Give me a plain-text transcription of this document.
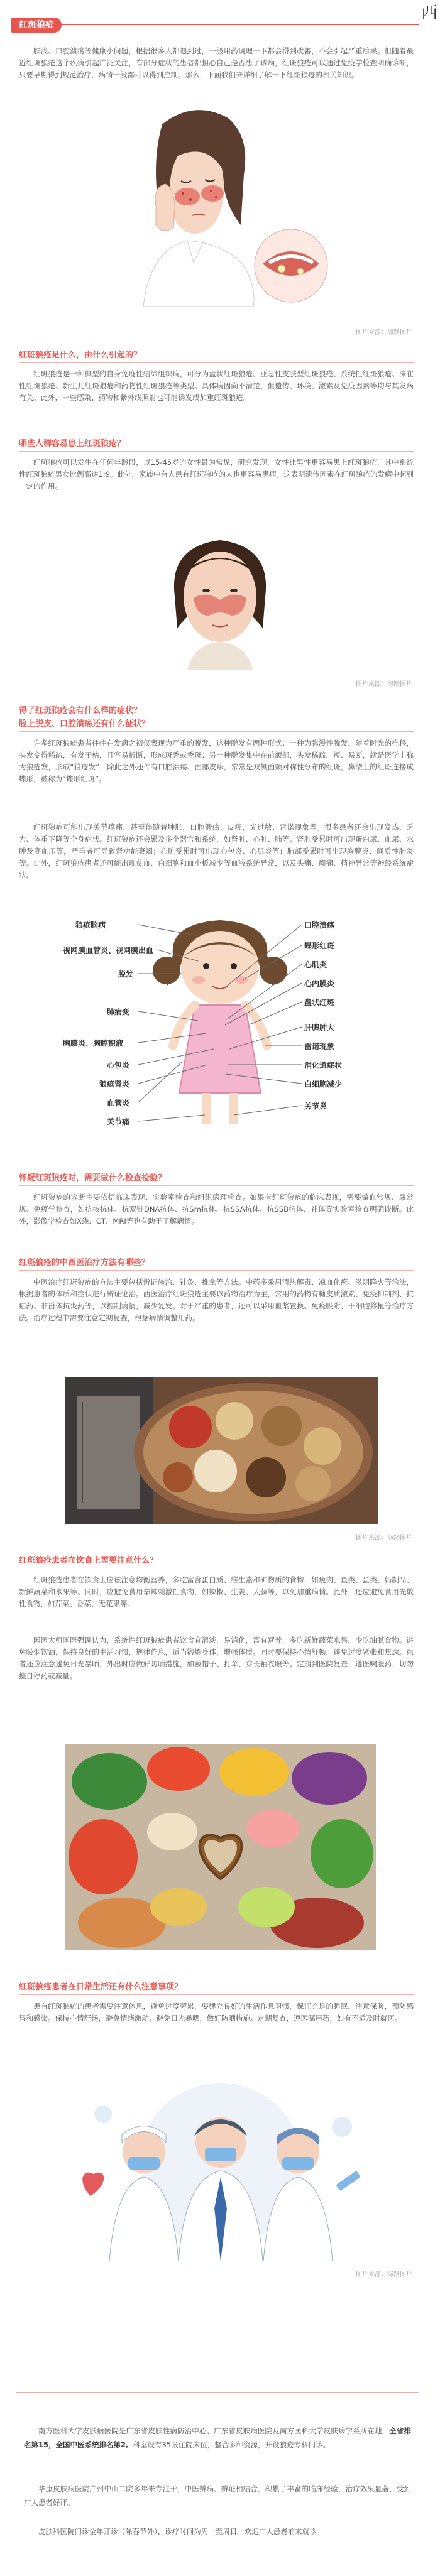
红斑狼疮
西
肤浅、口腔溃疡等健康小问题，根据很多人都遇到过，一般用药调理一下都会得到改善，不会引起严重后果。但随着最近红斑狼疮这个疾病引起广泛关注，有部分症状的患者都担心自己是否患了该病，红斑狼疮可以通过免疫学检查明确诊断，只要早期得到规范治疗，病情一般都可以得到控制。那么，下面我们来详细了解一下红斑狼疮的相关知识。
图片来源：海路图片
红斑狼疮是什么，由什么引起的？
红斑狼疮是一种典型的自身免疫性结缔组织病，可分为盘状红斑狼疮、亚急性皮肤型红斑狼疮、系统性红斑狼疮、深在性红斑狼疮、新生儿红斑狼疮和药物性红斑狼疮等类型。具体病因尚不清楚，但遗传、环境、激素及免疫因素等均与其发病有关。此外，一些感染、药物和紫外线照射也可能诱发或加重红斑狼疮。
哪些人群容易患上红斑狼疮？
红斑狼疮可以发生在任何年龄段，以15-45岁的女性最为常见，研究发现，女性比男性更容易患上红斑狼疮，其中系统性红斑狼疮男女比例高达1:9。此外，家族中有人患有红斑狼疮的人也更容易患病。这表明遗传因素在红斑狼疮的发病中起到一定的作用。
图片来源：海路图片
得了红斑狼疮会有什么样的症状？
脸上脱皮、口腔溃疡还有什么征状？
许多红斑狼疮患者往往在发病之初仅表现为严重的脱发，这种脱发有两种形式：一种为弥漫性脱发，随着时光的推移，头发变得稀疏，有发干枯，且容易折断，形成斑秃或秃斑；另一种脱发集中在前额部，头发稀疏，短、易断，就是医学上称为狼疮发，形成“狼疮发”，除此之外还伴有口腔溃疡、面部皮疹，常常是双侧面颊对称性分布的红斑，鼻梁上的红斑连接成蝶形，被称为“蝶形红斑”。
红斑狼疮可能出现关节疼痛，甚至伴随着肿胀，口腔溃疡、皮疹，光过敏、雷诺现象等。很多患者还会出现发热、乏力、体重下降等全身症状。红斑狼疮还会累及多个器官和系统，如肾脏、心脏、肺等。肾脏受累时可出现蛋白尿、血尿、水肿及高血压等，严重者可导致肾功能衰竭；心脏受累时可出现心包炎、心肌炎等；肺部受累时可出现胸膜炎、间质性肺炎等。此外，红斑狼疮患者还可能出现贫血、白细胞和血小板减少等血液系统异常，以及头痛、癫痫、精神异常等神经系统症状。
狼疮脑病
视网膜血管炎、视网膜出血
脱发
肺病变
胸膜炎、胸腔积液
心包炎
狼疮肾炎
血管炎
关节痛
口腔溃疡
蝶形红斑
心肌炎
心内膜炎
盘状红斑
肝脾肿大
雷诺现象
消化道症状
白细胞减少
关节炎
怀疑红斑狼疮时，需要做什么检查检验？
红斑狼疮的诊断主要依据临床表现、实验室检查和组织病理检查。如果有红斑狼疮的临床表现，需要做血常规、尿常规、免疫学检查，如抗核抗体、抗双链DNA抗体、抗Sm抗体、抗SSA抗体、抗SSB抗体、补体等实验室检查明确诊断。此外，影像学检查如X线、CT、MRI等也有助于了解病情。
红斑狼疮的中西医治疗方法有哪些？
中医治疗红斑狼疮的方法主要包括辨证施治、针灸、推拿等方法。中药多采用清热解毒、凉血化瘀、滋阴降火等治法，根据患者的体质和症状进行辨证论治。西医治疗红斑狼疮主要以药物治疗为主，常用的药物有糖皮质激素、免疫抑制剂、抗疟药、非甾体抗炎药等，以控制病情，减少复发。对于严重的患者，还可以采用血浆置换、免疫吸附、干细胞移植等治疗方法。治疗过程中需要注意定期复查，根据病情调整用药。
图片来源：海路图片
红斑狼疮患者在饮食上需要注意什么？
红斑狼疮患者在饮食上应该注意均衡营养，多吃富含蛋白质、维生素和矿物质的食物，如瘦肉、鱼类、蛋类、奶制品、新鲜蔬菜和水果等。同时，应避免食用辛辣刺激性食物，如辣椒、生姜、大蒜等，以免加重病情。此外，还应避免食用光敏性食物，如芹菜、香菜、无花果等。
国医大师国医强调认为，系统性红斑狼疮患者饮食宜清淡，易消化，富有营养，多吃新鲜蔬菜水果，少吃油腻食物。避免吸烟饮酒，保持良好的生活习惯，规律作息，适当锻炼身体，增强体质。同时要保持心情舒畅，避免过度紧张和焦虑。患者还应注意避免日光暴晒，外出时应做好防晒措施，如戴帽子、打伞、穿长袖衣服等。定期到医院复查，遵医嘱服药，切勿擅自停药或减量。
红斑狼疮患者在日常生活还有什么注意事项？
患有红斑狼疮的患者需要注意休息，避免过度劳累，要建立良好的生活作息习惯，保证充足的睡眠。注意保暖，预防感冒和感染。保持心情舒畅，避免情绪激动。避免日光暴晒，做好防晒措施。定期复查，遵医嘱用药，如有不适及时就医。
图片来源：海路图片
南方医科大学皮肤病医院是广东省皮肤性病防治中心、广东省皮肤病医院及南方医科大学皮肤病学系所在地，全省排名第15，全国中医系统排名第2。科室设有35张住院床位，整合多种资源，开设狼疮专科门诊。
华康皮肤病医院广州中山二院多年来专注于，中医辨病、辨证相结合，积累了丰富的临床经验，治疗效果显著，受到广大患者好评。
皮肤科医院门诊全年开诊（除春节外），诊疗时间为周一至周日。欢迎广大患者前来就诊。
